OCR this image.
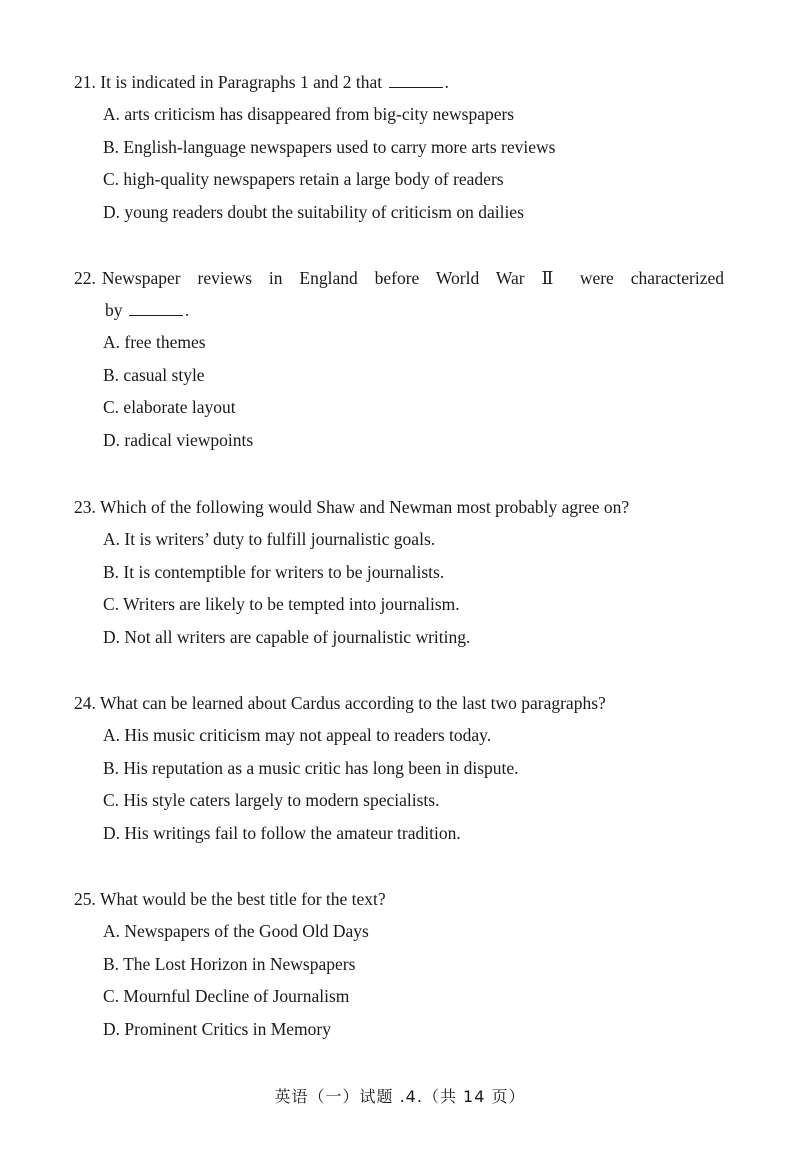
21. It is indicated in Paragraphs 1 and 2 that	.
A. arts criticism has disappeared from big-city newspapers
B. English-language newspapers used to carry more arts reviews
C. high-quality newspapers retain a large body of readers
D. young readers doubt the suitability of criticism on dailies
22. Newspaper reviews in England before World War Ⅱ were characterized
by	.
A. free themes
B. casual style
C. elaborate layout
D. radical viewpoints
23. Which of the following would Shaw and Newman most probably agree on?
A. It is writers’ duty to fulfill journalistic goals.
B. It is contemptible for writers to be journalists.
C. Writers are likely to be tempted into journalism.
D. Not all writers are capable of journalistic writing.
24. What can be learned about Cardus according to the last two paragraphs?
A. His music criticism may not appeal to readers today.
B. His reputation as a music critic has long been in dispute.
C. His style caters largely to modern specialists.
D. His writings fail to follow the amateur tradition.
25. What would be the best title for the text?
A. Newspapers of the Good Old Days
B. The Lost Horizon in Newspapers
C. Mournful Decline of Journalism
D. Prominent Critics in Memory
英语（一）试题 .4.（共 14 页）
